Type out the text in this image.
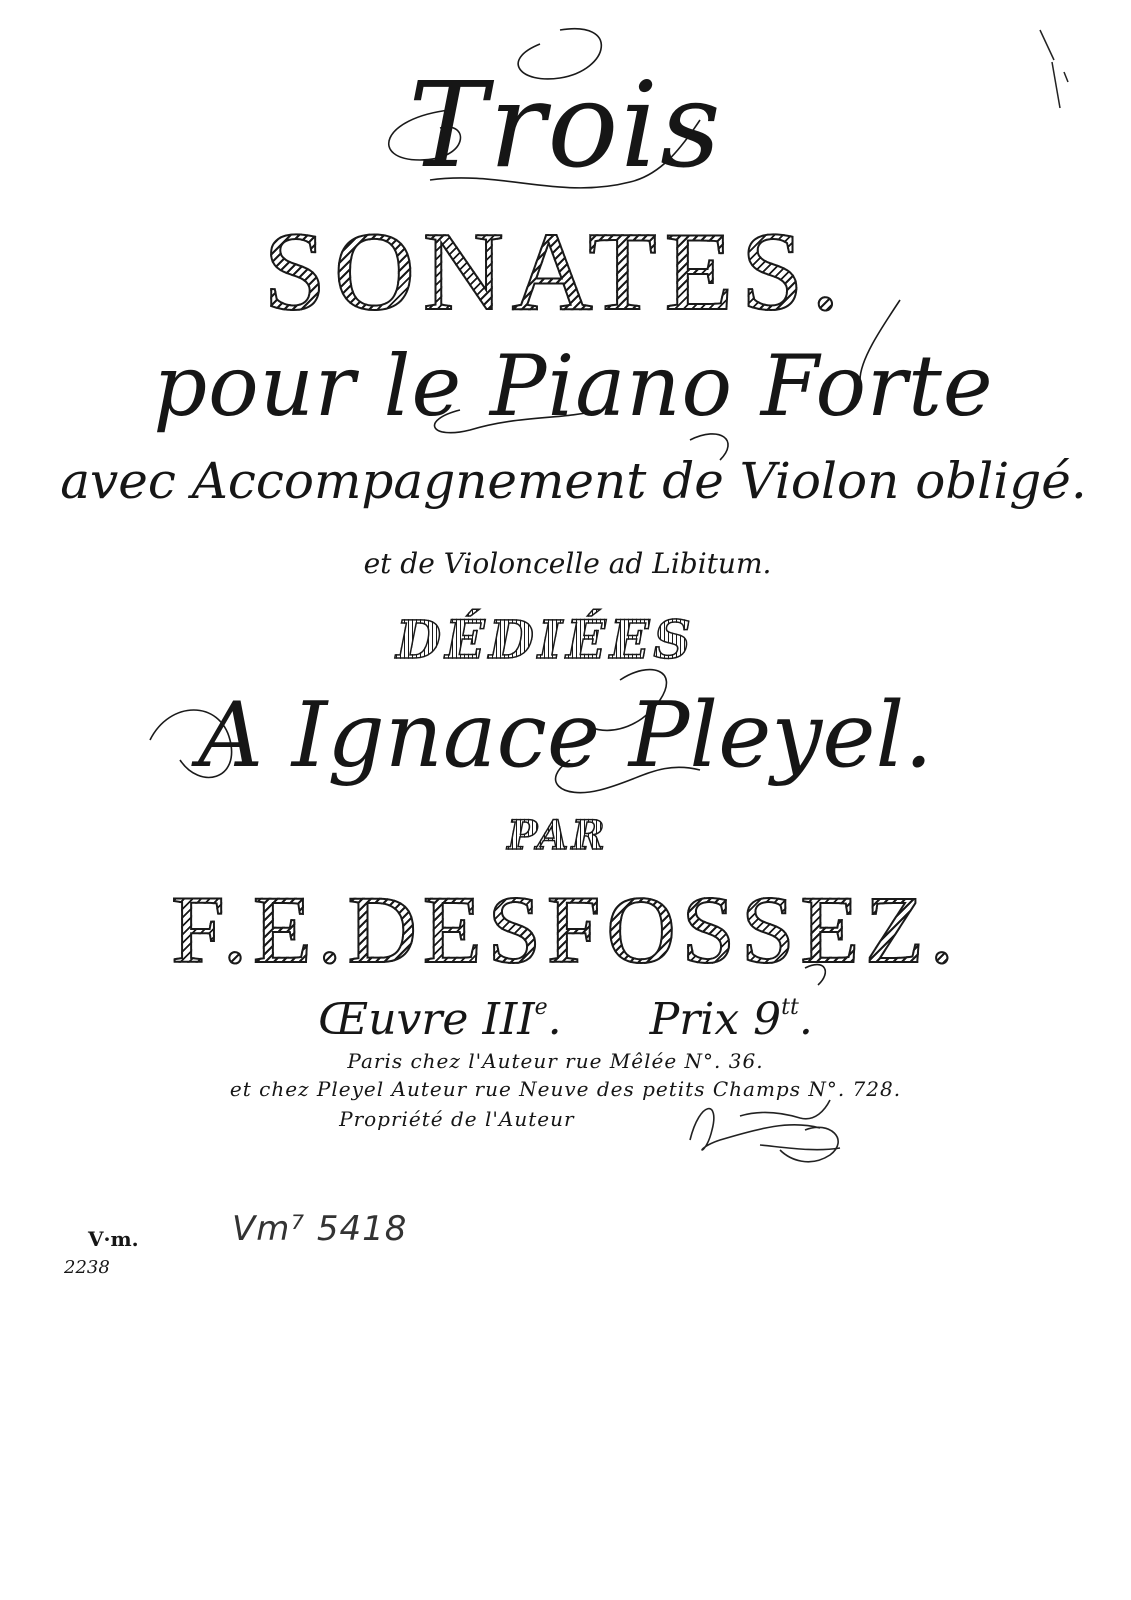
Trois
SONATES.
pour le Piano Forte
avec Accompagnement de Violon obligé.
et de Violoncelle ad Libitum.
DÉDIÉES
A Ignace Pleyel.
PAR
F.E.DESFOSSEZ.
Œuvre IIIe. Prix $9^{tt}$.
Paris chez l'Auteur rue Mêlée N°. 36.
et chez Pleyel Auteur rue Neuve des petits Champs N°. 728.
Propriété de l'Auteur
V·m.
2238
Vm⁷ 5418
